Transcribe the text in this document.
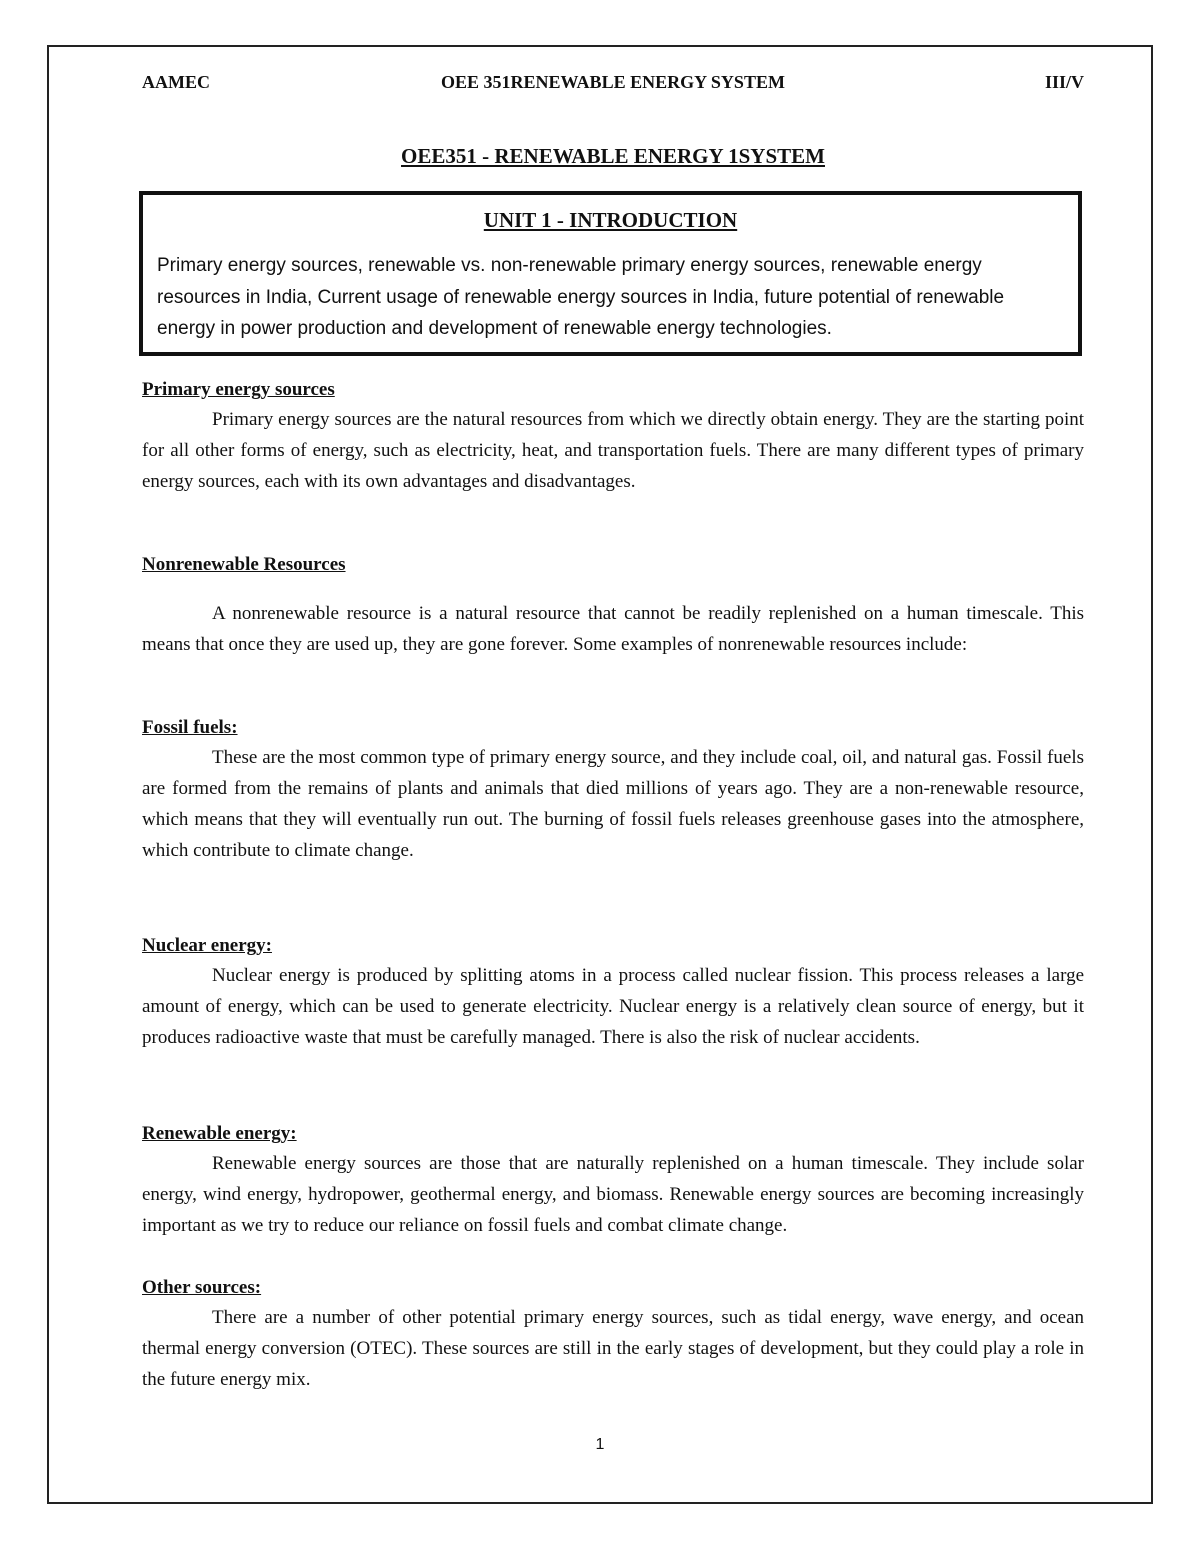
AAMEC	OEE 351RENEWABLE ENERGY SYSTEM	III/V
OEE351 - RENEWABLE ENERGY 1SYSTEM
UNIT 1 - INTRODUCTION
Primary energy sources, renewable vs. non-renewable primary energy sources, renewable energy resources in India, Current usage of renewable energy sources in India, future potential of renewable energy in power production and development of renewable energy technologies.
Primary energy sources

Primary energy sources are the natural resources from which we directly obtain energy. They are the starting point for all other forms of energy, such as electricity, heat, and transportation fuels. There are many different types of primary energy sources, each with its own advantages and disadvantages.

Nonrenewable Resources

A nonrenewable resource is a natural resource that cannot be readily replenished on a human timescale. This means that once they are used up, they are gone forever. Some examples of nonrenewable resources include:

Fossil fuels:

These are the most common type of primary energy source, and they include coal, oil, and natural gas. Fossil fuels are formed from the remains of plants and animals that died millions of years ago. They are a non-renewable resource, which means that they will eventually run out. The burning of fossil fuels releases greenhouse gases into the atmosphere, which contribute to climate change.

Nuclear energy:

Nuclear energy is produced by splitting atoms in a process called nuclear fission. This process releases a large amount of energy, which can be used to generate electricity. Nuclear energy is a relatively clean source of energy, but it produces radioactive waste that must be carefully managed. There is also the risk of nuclear accidents.

Renewable energy:

Renewable energy sources are those that are naturally replenished on a human timescale. They include solar energy, wind energy, hydropower, geothermal energy, and biomass. Renewable energy sources are becoming increasingly important as we try to reduce our reliance on fossil fuels and combat climate change.

Other sources:

There are a number of other potential primary energy sources, such as tidal energy, wave energy, and ocean thermal energy conversion (OTEC). These sources are still in the early stages of development, but they could play a role in the future energy mix.

1
